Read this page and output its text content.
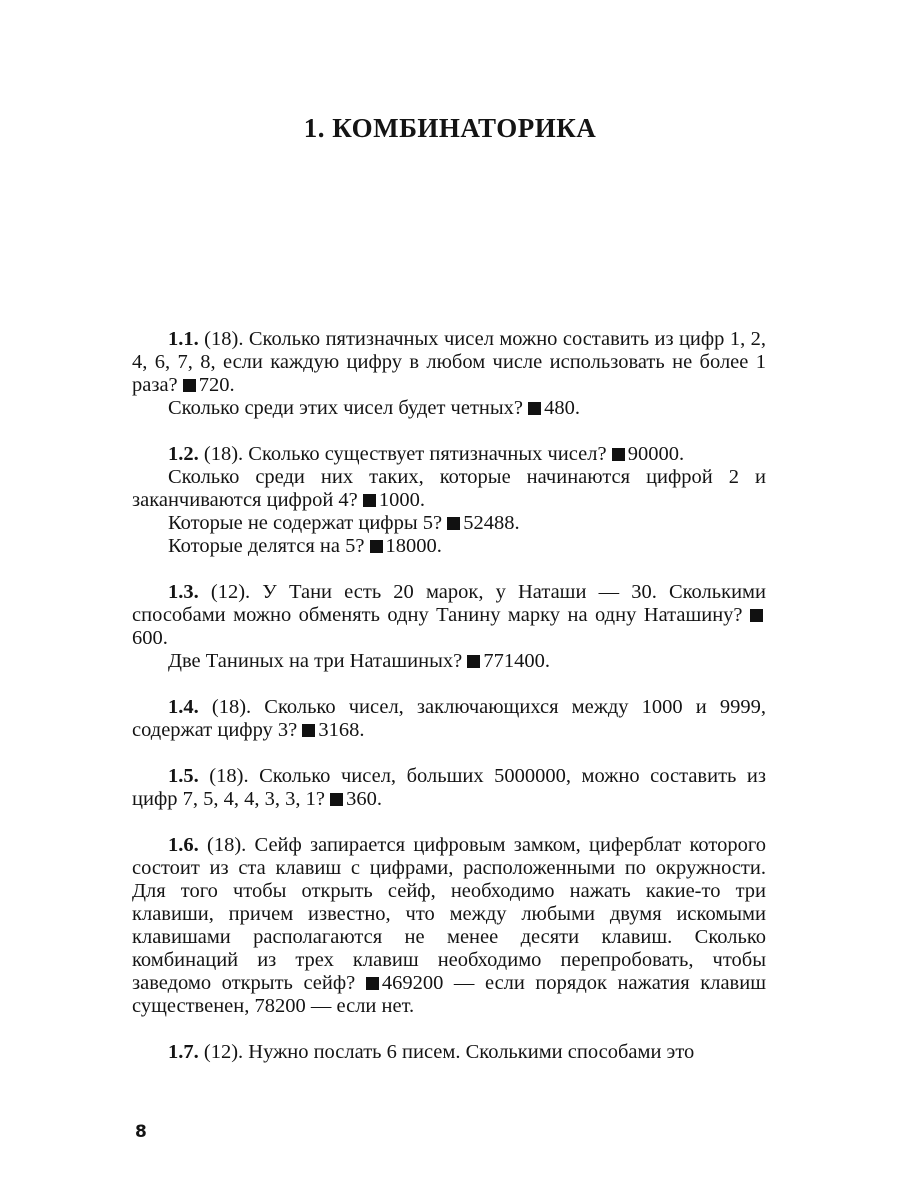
1. КОМБИНАТОРИКА

1.1. (18). Сколько пятизначных чисел можно составить из цифр 1, 2, 4, 6, 7, 8, если каждую цифру в любом числе использовать не более 1 раза? 720.

Сколько среди этих чисел будет четных? 480.

1.2. (18). Сколько существует пятизначных чисел? 90000.

Сколько среди них таких, которые начинаются цифрой 2 и заканчиваются цифрой 4? 1000.

Которые не содержат цифры 5? 52488.

Которые делятся на 5? 18000.

1.3. (12). У Тани есть 20 марок, у Наташи — 30. Сколькими способами можно обменять одну Танину марку на одну Наташину? 600.

Две Таниных на три Наташиных? 771400.

1.4. (18). Сколько чисел, заключающихся между 1000 и 9999, содержат цифру 3? 3168.

1.5. (18). Сколько чисел, больших 5000000, можно составить из цифр 7, 5, 4, 4, 3, 3, 1? 360.

1.6. (18). Сейф запирается цифровым замком, циферблат которого состоит из ста клавиш с цифрами, расположенными по окружности. Для того чтобы открыть сейф, необходимо нажать какие-то три клавиши, причем известно, что между любыми двумя искомыми клавишами располагаются не менее десяти клавиш. Сколько комбинаций из трех клавиш необходимо перепробовать, чтобы заведомо открыть сейф? 469200 — если порядок нажатия клавиш существенен, 78200 — если нет.

1.7. (12). Нужно послать 6 писем. Сколькими способами это

8
